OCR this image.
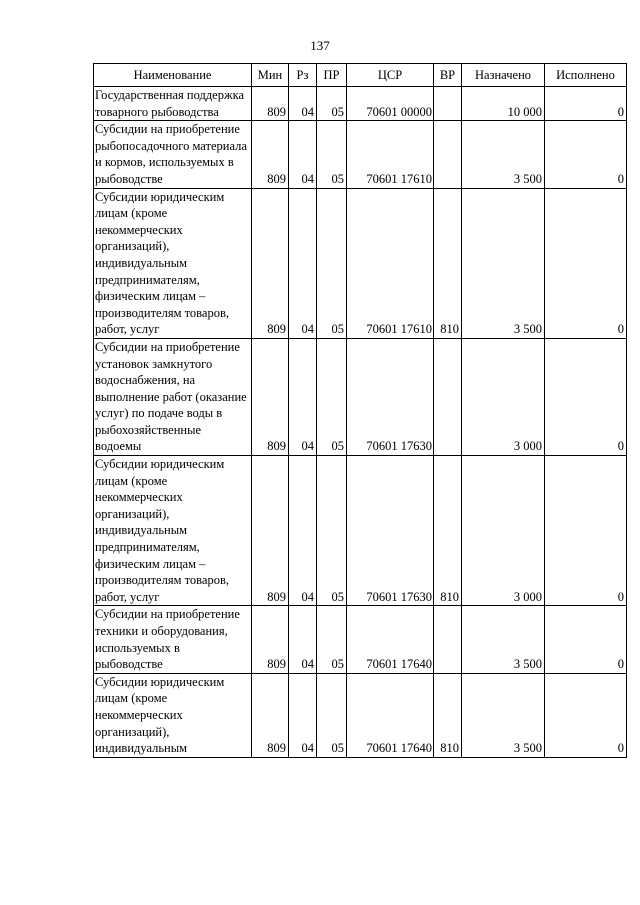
137
Наименование	Мин	Рз	ПР	ЦСР	ВР	Назначено	Исполнено
Государственная поддержка товарного рыбоводства	809	04	05	70601 00000		10 000	0
Субсидии на приобретение рыбопосадочного материала и кормов, используемых в рыбоводстве	809	04	05	70601 17610		3 500	0
Субсидии юридическим лицам (кроме некоммерческих организаций), индивидуальным предпринимателям, физическим лицам – производителям товаров, работ, услуг	809	04	05	70601 17610	810	3 500	0
Субсидии на приобретение установок замкнутого водоснабжения, на выполнение работ (оказание услуг) по подаче воды в рыбохозяйственные водоемы	809	04	05	70601 17630		3 000	0
Субсидии юридическим лицам (кроме некоммерческих организаций), индивидуальным предпринимателям, физическим лицам – производителям товаров, работ, услуг	809	04	05	70601 17630	810	3 000	0
Субсидии на приобретение техники и оборудования, используемых в рыбоводстве	809	04	05	70601 17640		3 500	0
Субсидии юридическим лицам (кроме некоммерческих организаций), индивидуальным	809	04	05	70601 17640	810	3 500	0
